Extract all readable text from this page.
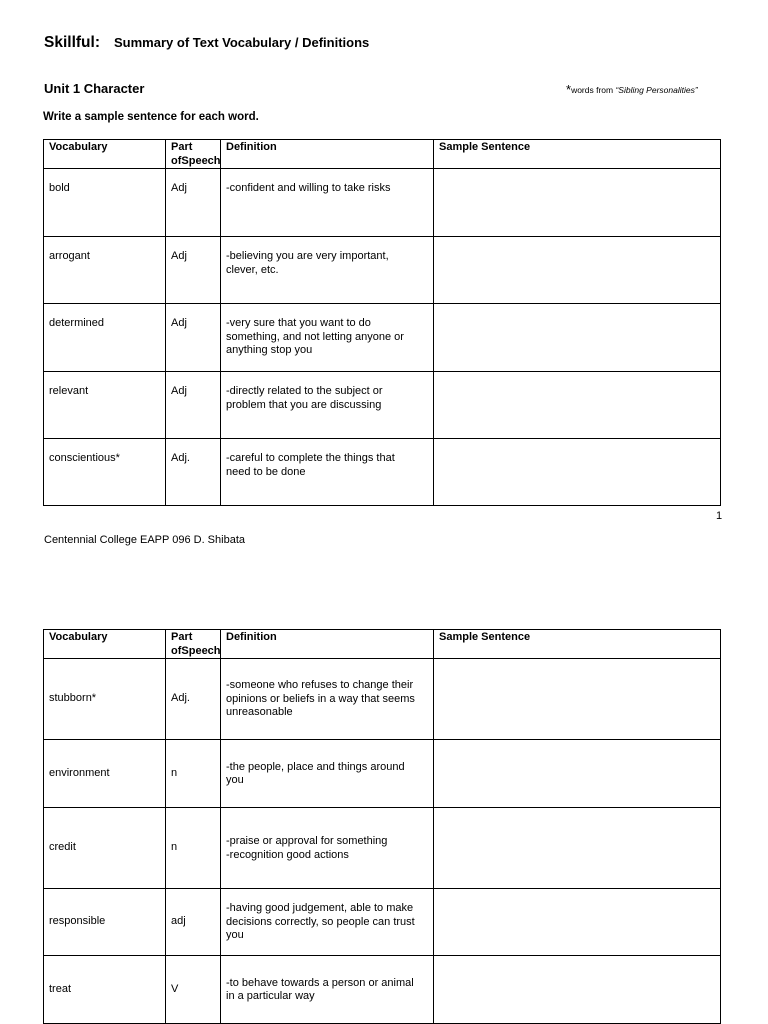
Skillful: Summary of Text Vocabulary / Definitions
Unit 1 Character	*words from “Sibling Personalities”
Write a sample sentence for each word.
Vocabulary	Part ofSpeech	Definition	Sample Sentence
bold	Adj	-confident and willing to take risks	

arrogant	Adj	-believing you are very important,
clever, etc.	

determined	Adj	-very sure that you want to do
something, and not letting anyone or
anything stop you	

relevant	Adj	-directly related to the subject or
problem that you are discussing	

conscientious*	Adj.	-careful to complete the things that
need to be done	

1
Centennial College EAPP 096 D. Shibata
Vocabulary	Part ofSpeech	Definition	Sample Sentence
stubborn*	Adj.	-someone who refuses to change their
opinions or beliefs in a way that seems
unreasonable	

environment	n	-the people, place and things around
you	

credit	n	-praise or approval for something
-recognition good actions	

responsible	adj	-having good judgement, able to make
decisions correctly, so people can trust
you	

treat	V	-to behave towards a person or animal
in a particular way	
